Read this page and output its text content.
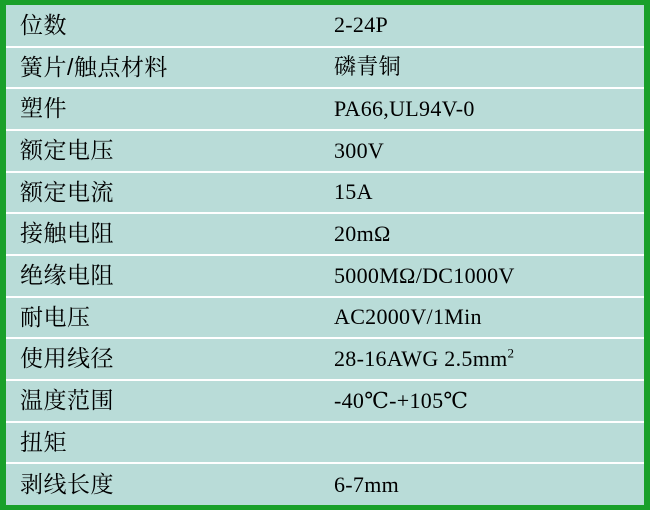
位数	2-24P
簧片/触点材料	磷青铜
塑件	PA66,UL94V-0
额定电压	300V
额定电流	15A
接触电阻	20mΩ
绝缘电阻	5000MΩ/DC1000V
耐电压	AC2000V/1Min
使用线径	28-16AWG $2.5mm^2$
温度范围	-40℃-+105℃
扭矩	
剥线长度	6-7mm
